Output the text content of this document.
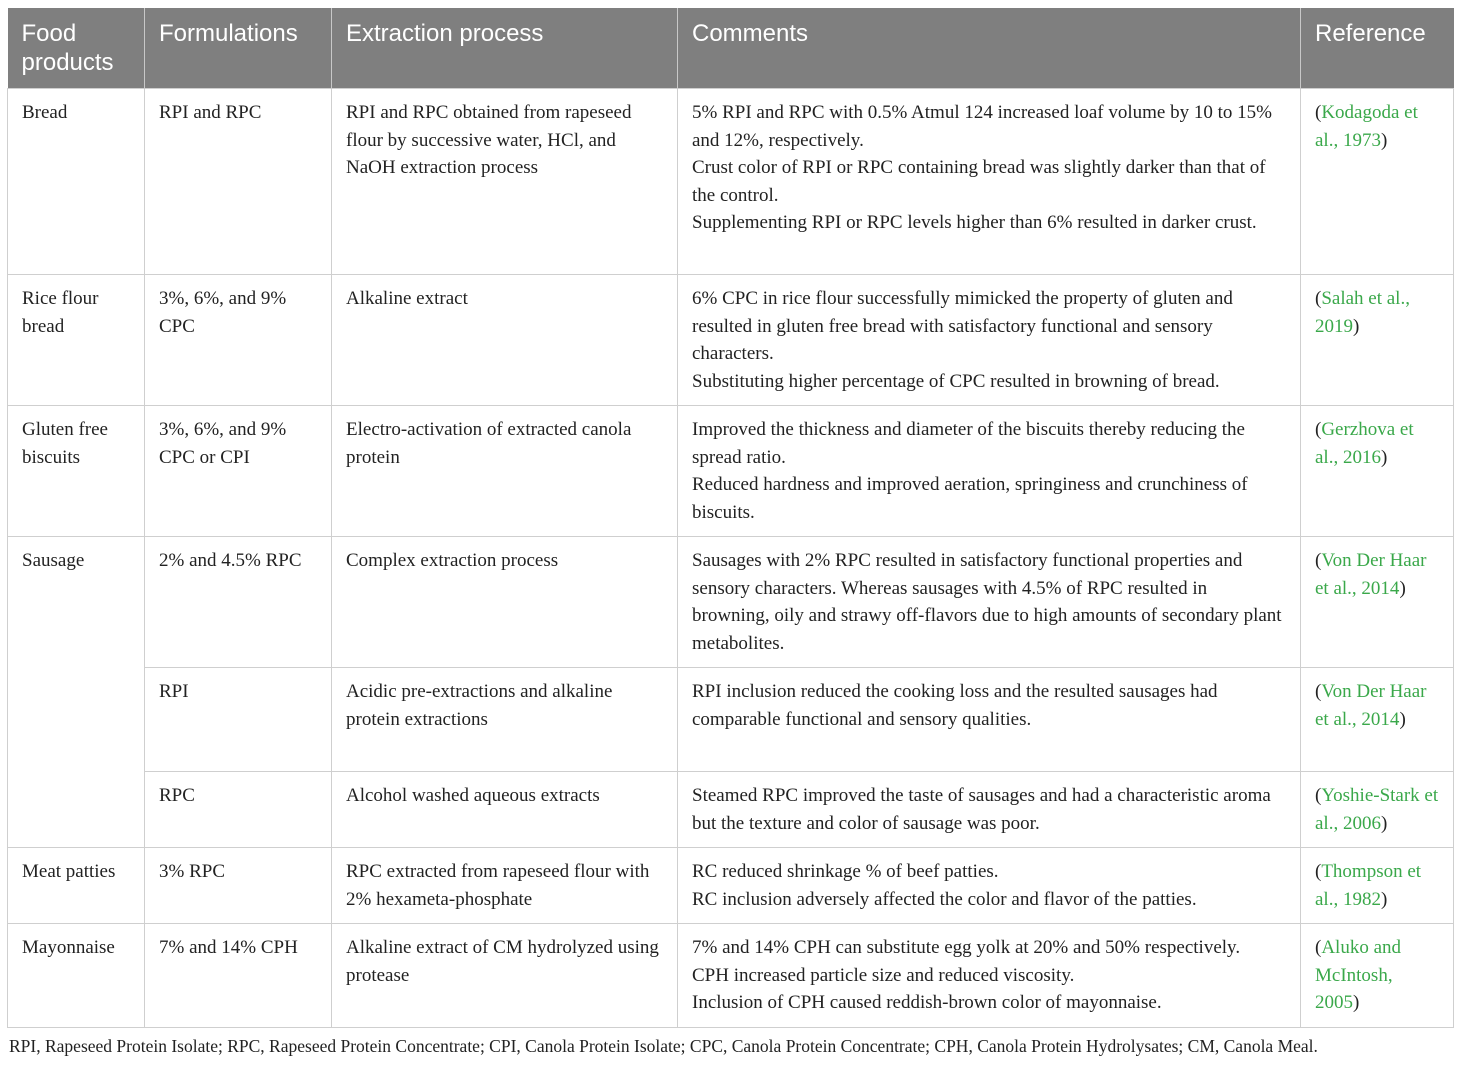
Food products	Formulations	Extraction process	Comments	Reference
Bread	RPI and RPC	RPI and RPC obtained from rapeseed flour by successive water, HCl, and NaOH extraction process	5% RPI and RPC with 0.5% Atmul 124 increased loaf volume by 10 to 15% and 12%, respectively.
Crust color of RPI or RPC containing bread was slightly darker than that of the control.
Supplementing RPI or RPC levels higher than 6% resulted in darker crust.	(Kodagoda et al., 1973)
Rice flour bread	3%, 6%, and 9% CPC	Alkaline extract	6% CPC in rice flour successfully mimicked the property of gluten and resulted in gluten free bread with satisfactory functional and sensory characters.
Substituting higher percentage of CPC resulted in browning of bread.	(Salah et al., 2019)
Gluten free biscuits	3%, 6%, and 9% CPC or CPI	Electro-activation of extracted canola protein	Improved the thickness and diameter of the biscuits thereby reducing the spread ratio.
Reduced hardness and improved aeration, springiness and crunchiness of biscuits.	(Gerzhova et al., 2016)
Sausage	2% and 4.5% RPC	Complex extraction process	Sausages with 2% RPC resulted in satisfactory functional properties and sensory characters. Whereas sausages with 4.5% of RPC resulted in browning, oily and strawy off-flavors due to high amounts of secondary plant metabolites.	(Von Der Haar et al., 2014)
	RPI	Acidic pre-extractions and alkaline protein extractions	RPI inclusion reduced the cooking loss and the resulted sausages had comparable functional and sensory qualities.	(Von Der Haar et al., 2014)
	RPC	Alcohol washed aqueous extracts	Steamed RPC improved the taste of sausages and had a characteristic aroma but the texture and color of sausage was poor.	(Yoshie-Stark et al., 2006)
Meat patties	3% RPC	RPC extracted from rapeseed flour with 2% hexameta-phosphate	RC reduced shrinkage % of beef patties.
RC inclusion adversely affected the color and flavor of the patties.	(Thompson et al., 1982)
Mayonnaise	7% and 14% CPH	Alkaline extract of CM hydrolyzed using protease	7% and 14% CPH can substitute egg yolk at 20% and 50% respectively.
CPH increased particle size and reduced viscosity.
Inclusion of CPH caused reddish-brown color of mayonnaise.	(Aluko and McIntosh, 2005)
RPI, Rapeseed Protein Isolate; RPC, Rapeseed Protein Concentrate; CPI, Canola Protein Isolate; CPC, Canola Protein Concentrate; CPH, Canola Protein Hydrolysates; CM, Canola Meal.
